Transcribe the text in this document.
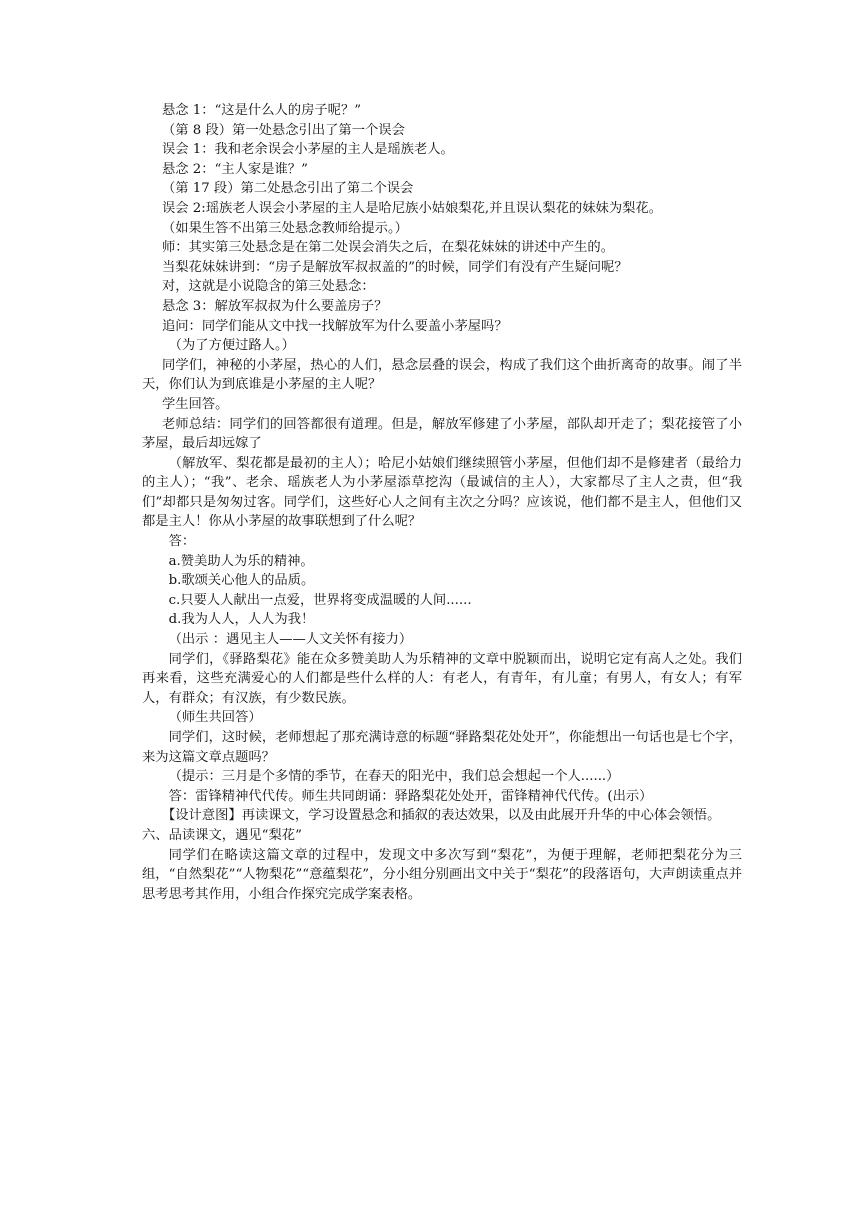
悬念 1：“这是什么人的房子呢？”

（第 8 段）第一处悬念引出了第一个误会

误会 1：我和老余误会小茅屋的主人是瑶族老人。

悬念 2：“主人家是谁？”

（第 17 段）第二处悬念引出了第二个误会

误会 2:瑶族老人误会小茅屋的主人是哈尼族小姑娘梨花,并且误认梨花的妹妹为梨花。

（如果生答不出第三处悬念教师给提示。）

师：其实第三处悬念是在第二处误会消失之后，在梨花妹妹的讲述中产生的。

当梨花妹妹讲到：“房子是解放军叔叔盖的”的时候，同学们有没有产生疑问呢？

对，这就是小说隐含的第三处悬念：

悬念 3：解放军叔叔为什么要盖房子？

追问：同学们能从文中找一找解放军为什么要盖小茅屋吗？

（为了方便过路人。）

同学们，神秘的小茅屋，热心的人们，悬念层叠的误会，构成了我们这个曲折离奇的故事。闹了半天，你们认为到底谁是小茅屋的主人呢？

学生回答。

老师总结：同学们的回答都很有道理。但是，解放军修建了小茅屋，部队却开走了；梨花接管了小茅屋，最后却远嫁了

（解放军、梨花都是最初的主人）；哈尼小姑娘们继续照管小茅屋，但他们却不是修建者（最给力的主人）；“我”、老余、瑶族老人为小茅屋添草挖沟（最诚信的主人），大家都尽了主人之责，但“我们”却都只是匆匆过客。同学们，这些好心人之间有主次之分吗？应该说，他们都不是主人，但他们又都是主人！你从小茅屋的故事联想到了什么呢？

答：

a.赞美助人为乐的精神。

b.歌颂关心他人的品质。

c.只要人人献出一点爱，世界将变成温暖的人间......

d.我为人人，人人为我！

（出示 ：遇见主人——人文关怀有接力）

同学们，《驿路梨花》能在众多赞美助人为乐精神的文章中脱颖而出，说明它定有高人之处。我们再来看，这些充满爱心的人们都是些什么样的人：有老人，有青年，有儿童；有男人，有女人；有军人，有群众；有汉族，有少数民族。

（师生共回答）

同学们，这时候，老师想起了那充满诗意的标题“驿路梨花处处开”，你能想出一句话也是七个字，来为这篇文章点题吗？

（提示：三月是个多情的季节，在春天的阳光中，我们总会想起一个人......）

答：雷锋精神代代传。师生共同朗诵：驿路梨花处处开，雷锋精神代代传。(出示）

【设计意图】再读课文，学习设置悬念和插叙的表达效果，以及由此展开升华的中心体会领悟。

六、品读课文，遇见“梨花”

同学们在略读这篇文章的过程中，发现文中多次写到“梨花”，为便于理解，老师把梨花分为三组，“自然梨花”“人物梨花”“意蕴梨花”，分小组分别画出文中关于“梨花”的段落语句，大声朗读重点并思考思考其作用，小组合作探究完成学案表格。
